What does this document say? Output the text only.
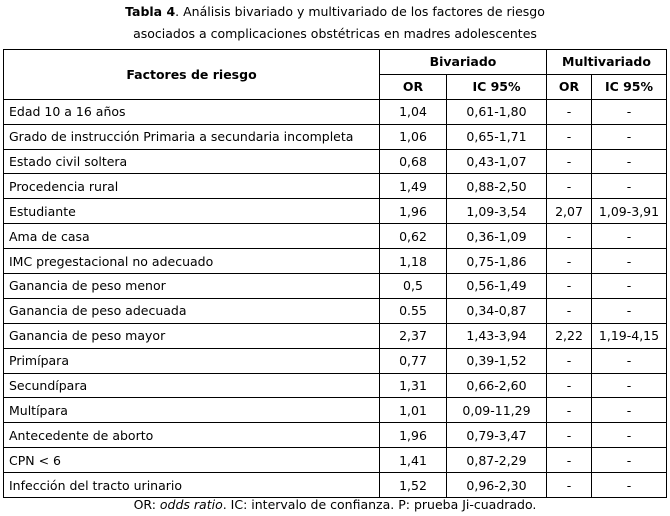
Tabla 4. Análisis bivariado y multivariado de los factores de riesgo
asociados a complicaciones obstétricas en madres adolescentes
Factores de riesgo	Bivariado		Multivariado	
	OR	IC 95%	OR	IC 95%
Edad 10 a 16 años	1,04	0,61-1,80	-	-
Grado de instrucción Primaria a secundaria incompleta	1,06	0,65-1,71	-	-
Estado civil soltera	0,68	0,43-1,07	-	-
Procedencia rural	1,49	0,88-2,50	-	-
Estudiante	1,96	1,09-3,54	2,07	1,09-3,91
Ama de casa	0,62	0,36-1,09	-	-
IMC pregestacional no adecuado	1,18	0,75-1,86	-	-
Ganancia de peso menor	0,5	0,56-1,49	-	-
Ganancia de peso adecuada	0.55	0,34-0,87	-	-
Ganancia de peso mayor	2,37	1,43-3,94	2,22	1,19-4,15
Primípara	0,77	0,39-1,52	-	-
Secundípara	1,31	0,66-2,60	-	-
Multípara	1,01	0,09-11,29	-	-
Antecedente de aborto	1,96	0,79-3,47	-	-
CPN < 6	1,41	0,87-2,29	-	-
Infección del tracto urinario	1,52	0,96-2,30	-	-
OR: odds ratio. IC: intervalo de confianza. P: prueba Ji-cuadrado.
